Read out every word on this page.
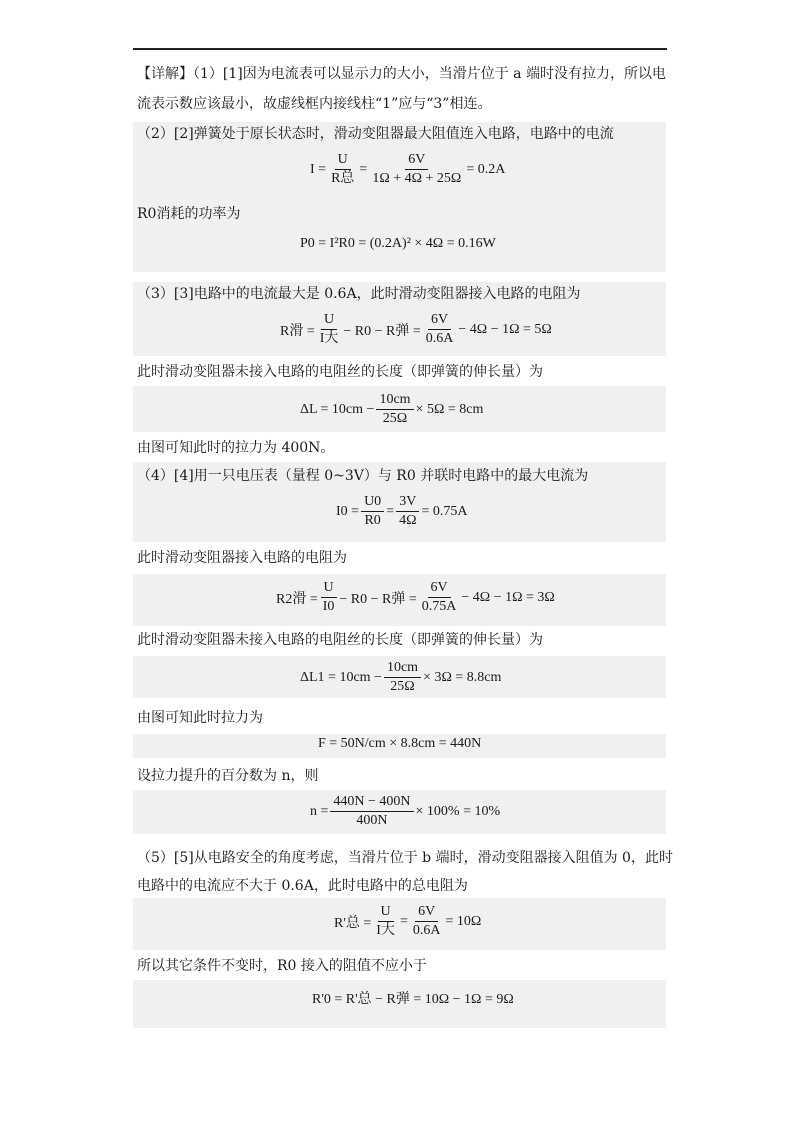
【详解】（1）[1]因为电流表可以显示力的大小，当滑片位于 a 端时没有拉力，所以电
流表示数应该最小，故虚线框内接线柱“1”应与“3”相连。
（2）[2]弹簧处于原长状态时，滑动变阻器最大阻值连入电路，电路中的电流
$I = \frac{U}{\text{R总}} = \frac{6V}{1\Omega + 4\Omega + 25\Omega} = 0.2A$
R0消耗的功率为
P0 = I²R0 = (0.2A)² × 4Ω = 0.16W
（3）[3]电路中的电流最大是 0.6A，此时滑动变阻器接入电路的电阻为
R滑 = $\frac{U}{\text{I大}} - R0 - R$弹 = $\frac{6V}{0.6A} - 4\Omega - 1\Omega = 5\Omega$
此时滑动变阻器未接入电路的电阻丝的长度（即弹簧的伸长量）为
$\Delta L = 10cm - \frac{10cm}{25\Omega} \times 5\Omega = 8cm$
由图可知此时的拉力为 400N。
（4）[4]用一只电压表（量程 0~3V）与 R0 并联时电路中的最大电流为
$I0 = \frac{U0}{R0} = \frac{3V}{4\Omega} = 0.75A$
此时滑动变阻器接入电路的电阻为
R2滑 = $\frac{U}{I0} - R0 - R$弹 = $\frac{6V}{0.75A} - 4\Omega - 1\Omega = 3\Omega$
此时滑动变阻器未接入电路的电阻丝的长度（即弹簧的伸长量）为
$\Delta L1 = 10cm - \frac{10cm}{25\Omega} \times 3\Omega = 8.8cm$
由图可知此时拉力为
F = 50N/cm × 8.8cm = 440N
设拉力提升的百分数为 n，则
$n = \frac{440N - 400N}{400N} \times 100\% = 10\%$
（5）[5]从电路安全的角度考虑，当滑片位于 b 端时，滑动变阻器接入阻值为 0，此时
电路中的电流应不大于 0.6A，此时电路中的总电阻为
R'总 = $\frac{U}{\text{I大}} = \frac{6V}{0.6A} = 10\Omega$
所以其它条件不变时，R0 接入的阻值不应小于
R'0 = R'总 − R弹 = 10Ω − 1Ω = 9Ω
